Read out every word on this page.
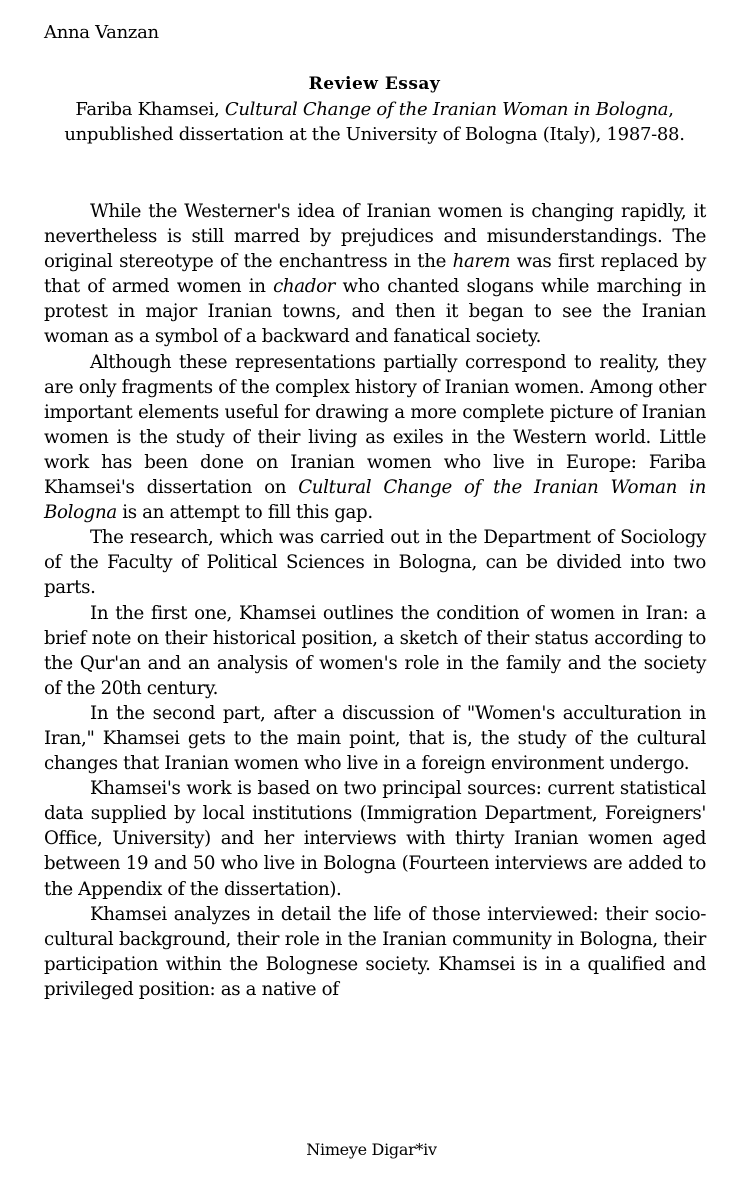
Anna Vanzan
Review Essay
Fariba Khamsei, Cultural Change of the Iranian Woman in Bologna, unpublished dissertation at the University of Bologna (Italy), 1987-88.

While the Westerner's idea of Iranian women is changing rapidly, it nevertheless is still marred by prejudices and misunderstandings. The original stereotype of the enchantress in the harem was first replaced by that of armed women in chador who chanted slogans while marching in protest in major Iranian towns, and then it began to see the Iranian woman as a symbol of a backward and fanatical society.

Although these representations partially correspond to reality, they are only fragments of the complex history of Iranian women. Among other important elements useful for drawing a more complete picture of Iranian women is the study of their living as exiles in the Western world. Little work has been done on Iranian women who live in Europe: Fariba Khamsei's dissertation on Cultural Change of the Iranian Woman in Bologna is an attempt to fill this gap.

The research, which was carried out in the Department of Sociology of the Faculty of Political Sciences in Bologna, can be divided into two parts.

In the first one, Khamsei outlines the condition of women in Iran: a brief note on their historical position, a sketch of their status according to the Qur'an and an analysis of women's role in the family and the society of the 20th century.

In the second part, after a discussion of "Women's acculturation in Iran," Khamsei gets to the main point, that is, the study of the cultural changes that Iranian women who live in a foreign environment undergo.

Khamsei's work is based on two principal sources: current statistical data supplied by local institutions (Immigration Department, Foreigners' Office, University) and her interviews with thirty Iranian women aged between 19 and 50 who live in Bologna (Fourteen interviews are added to the Appendix of the dissertation).

Khamsei analyzes in detail the life of those interviewed: their socio-cultural background, their role in the Iranian community in Bologna, their participation within the Bolognese society. Khamsei is in a qualified and privileged position: as a native of

Nimeye Digar*iv
